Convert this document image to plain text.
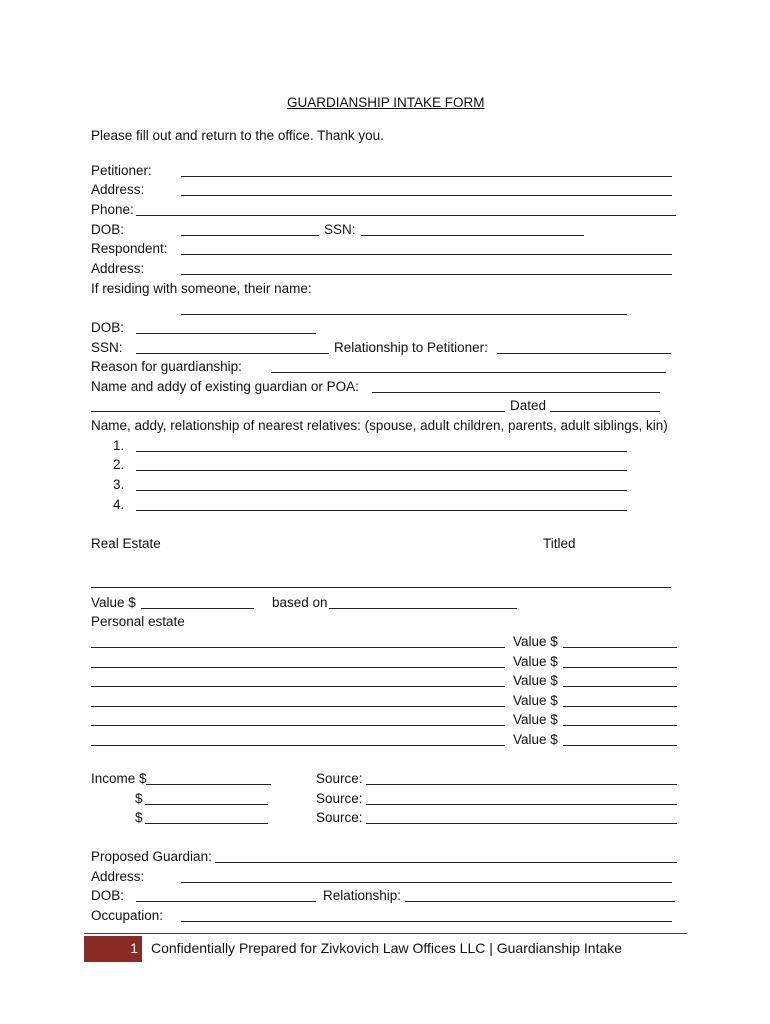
GUARDIANSHIP INTAKE FORM
Please fill out and return to the office. Thank you.
Petitioner:
Address:
Phone:
DOB:	SSN:
Respondent:
Address:
If residing with someone, their name:
DOB:
SSN:	Relationship to Petitioner:
Reason for guardianship:
Name and addy of existing guardian or POA:
Dated
Name, addy, relationship of nearest relatives: (spouse, adult children, parents, adult siblings, kin)
1.
2.
3.
4.
Real Estate	Titled
Value $	based on
Personal estate
Value $
Value $
Value $
Value $
Value $
Value $
Income $	Source:
$	Source:
$	Source:
Proposed Guardian:
Address:
DOB:	Relationship:
Occupation:
1 Confidentially Prepared for Zivkovich Law Offices LLC | Guardianship Intake
